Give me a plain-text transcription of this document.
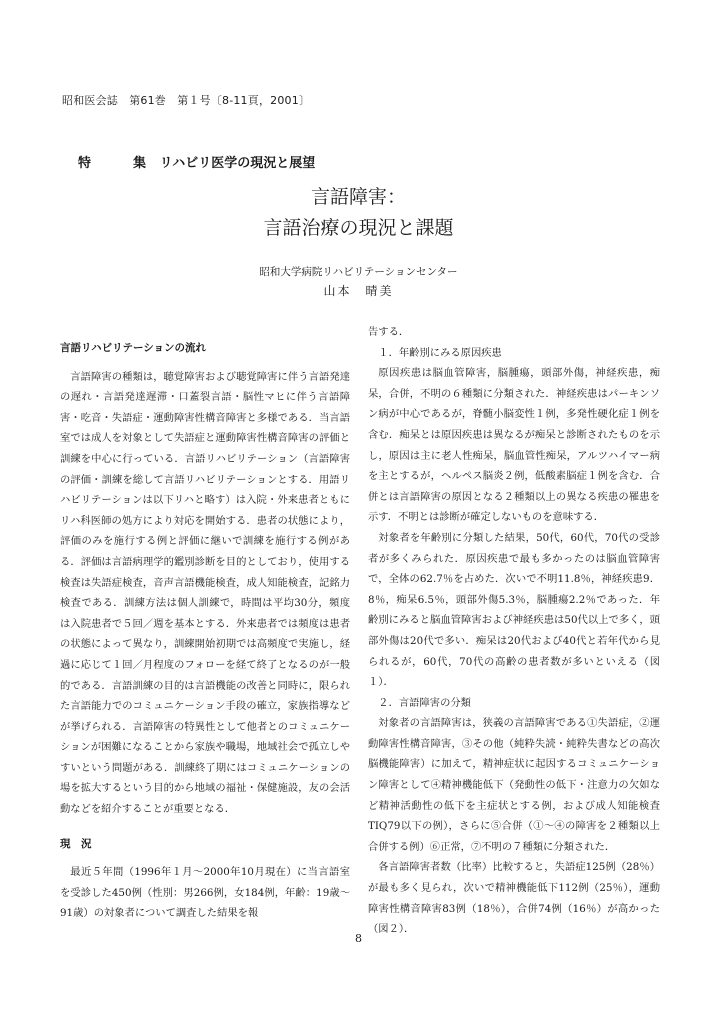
昭和医会誌　第61巻　第１号〔8-11頁，2001〕
特	集 リハビリ医学の現況と展望
言語障害：
言語治療の現況と課題
昭和大学病院リハビリテーションセンター
山本　晴美

言語リハビリテーションの流れ

言語障害の種類は，聴覚障害および聴覚障害に伴う言語発達の遅れ・言語発達遅滞・口蓋裂言語・脳性マヒに伴う言語障害・吃音・失語症・運動障害性構音障害と多様である．当言語室では成人を対象として失語症と運動障害性構音障害の評価と訓練を中心に行っている．言語リハビリテーション（言語障害の評価・訓練を総して言語リハビリテーションとする．用語リハビリテーションは以下リハと略す）は入院・外来患者ともにリハ科医師の処方により対応を開始する．患者の状態により，評価のみを施行する例と評価に継いで訓練を施行する例がある．評価は言語病理学的鑑別診断を目的としており，使用する検査は失語症検査，音声言語機能検査，成人知能検査，記銘力検査である．訓練方法は個人訓練で，時間は平均30分，頻度は入院患者で５回／週を基本とする．外来患者では頻度は患者の状態によって異なり，訓練開始初期では高頻度で実施し，経過に応じて１回／月程度のフォローを経て終了となるのが一般的である．言語訓練の目的は言語機能の改善と同時に，限られた言語能力でのコミュニケーション手段の確立，家族指導などが挙げられる．言語障害の特異性として他者とのコミュニケーションが困難になることから家族や職場，地域社会で孤立しやすいという問題がある．訓練終了期にはコミュニケーションの場を拡大するという目的から地域の福祉・保健施設，友の会活動などを紹介することが重要となる．

現　況

最近５年間（1996年１月～2000年10月現在）に当言語室を受診した450例（性別：男266例，女184例，年齢：19歳～91歳）の対象者について調査した結果を報

告する．

１．年齢別にみる原因疾患

原因疾患は脳血管障害，脳腫瘍，頭部外傷，神経疾患，痴呆，合併，不明の６種類に分類された．神経疾患はパーキンソン病が中心であるが，脊髄小脳変性１例，多発性硬化症１例を含む．痴呆とは原因疾患は異なるが痴呆と診断されたものを示し，原因は主に老人性痴呆，脳血管性痴呆，アルツハイマー病を主とするが，ヘルペス脳炎２例，低酸素脳症１例を含む．合併とは言語障害の原因となる２種類以上の異なる疾患の罹患を示す．不明とは診断が確定しないものを意味する．

対象者を年齢別に分類した結果，50代，60代，70代の受診者が多くみられた．原因疾患で最も多かったのは脳血管障害で，全体の62.7％を占めた．次いで不明11.8％，神経疾患9．8％，痴呆6.5％，頭部外傷5.3％，脳腫瘍2.2％であった．年齢別にみると脳血管障害および神経疾患は50代以上で多く，頭部外傷は20代で多い．痴呆は20代および40代と若年代から見られるが，60代，70代の高齢の患者数が多いといえる（図１）．

２．言語障害の分類

対象者の言語障害は，狭義の言語障害である①失語症，②運動障害性構音障害，③その他（純粋失読・純粋失書などの高次脳機能障害）に加えて，精神症状に起因するコミュニケーション障害として④精神機能低下（発動性の低下・注意力の欠如など精神活動性の低下を主症状とする例，および成人知能検査TIQ79以下の例），さらに⑤合併（①～④の障害を２種類以上合併する例）⑥正常，⑦不明の７種類に分類された．

各言語障害者数（比率）比較すると，失語症125例（28％）が最も多く見られ，次いで精神機能低下112例（25％），運動障害性構音障害83例（18％），合併74例（16％）が高かった（図２）．

8
